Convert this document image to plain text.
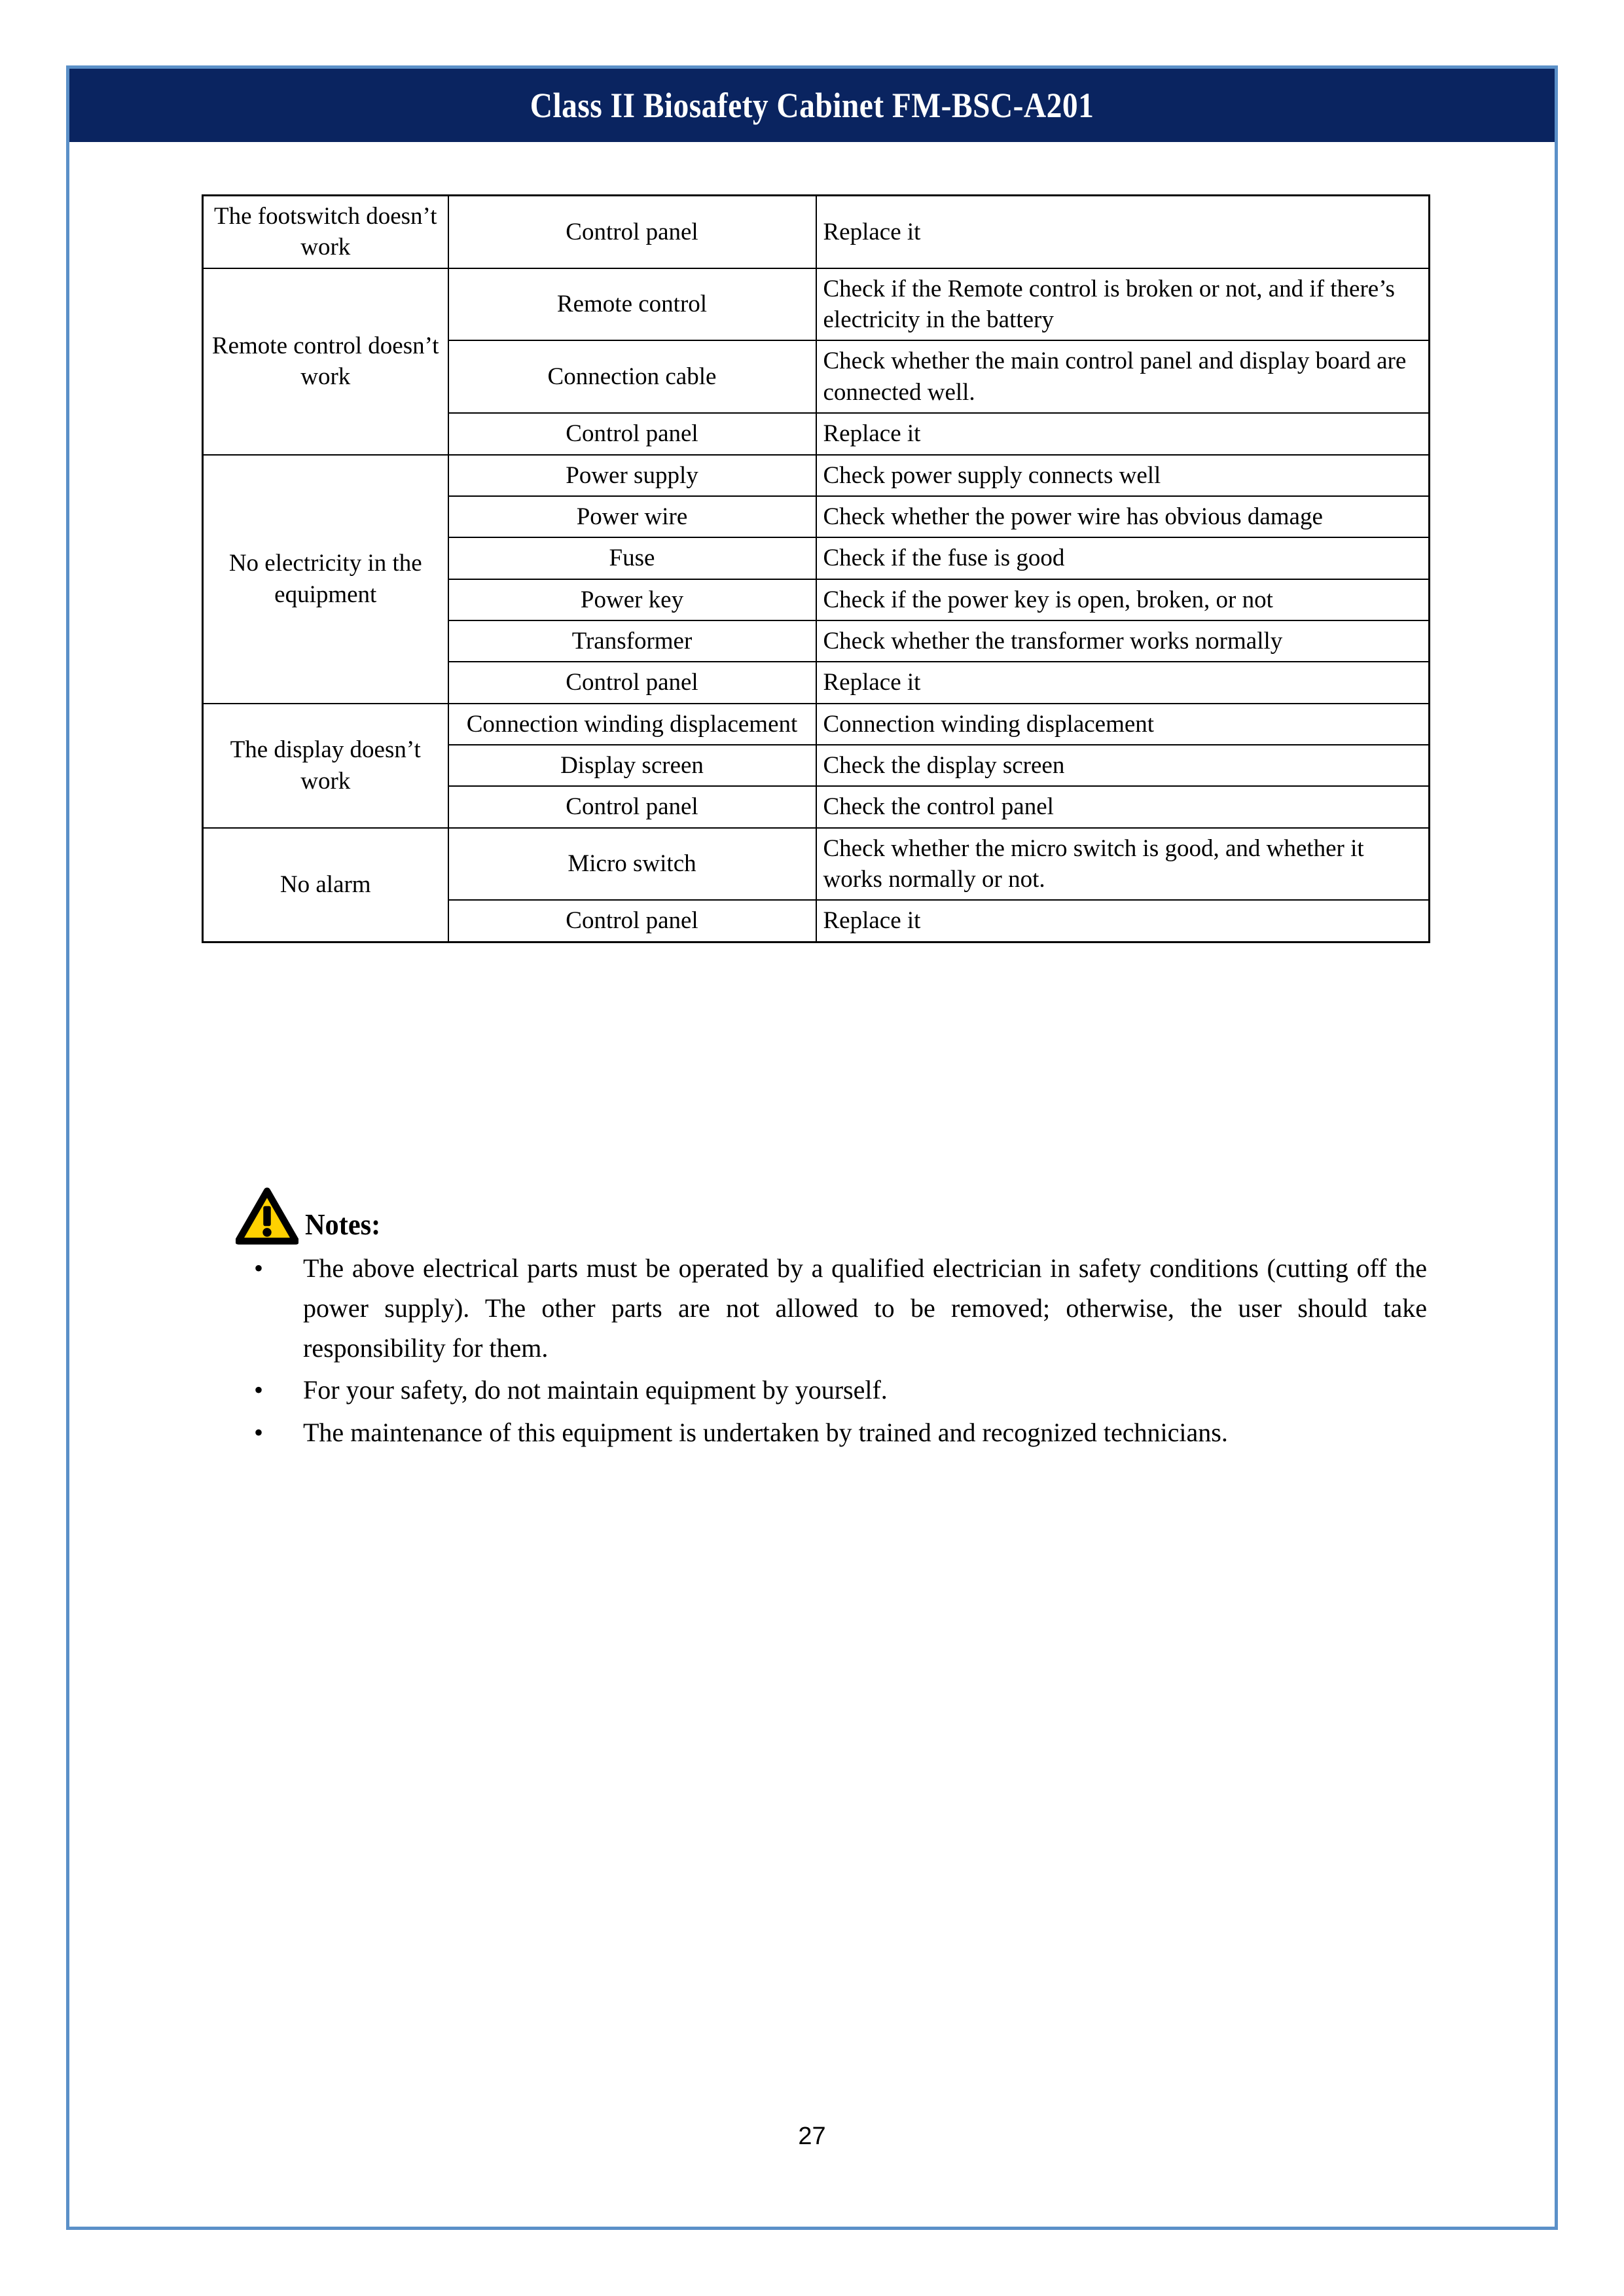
Class II Biosafety Cabinet FM-BSC-A201
The footswitch doesn’t work	Control panel	Replace it
Remote control doesn’t work	Remote control	Check if the Remote control is broken or not, and if there’s electricity in the battery
	Connection cable	Check whether the main control panel and display board are connected well.
	Control panel	Replace it
No electricity in the equipment	Power supply	Check power supply connects well
	Power wire	Check whether the power wire has obvious damage
	Fuse	Check if the fuse is good
	Power key	Check if the power key is open, broken, or not
	Transformer	Check whether the transformer works normally
	Control panel	Replace it
The display doesn’t work	Connection winding displacement	Connection winding displacement
	Display screen	Check the display screen
	Control panel	Check the control panel
No alarm	Micro switch	Check whether the micro switch is good, and whether it works normally or not.
	Control panel	Replace it
Notes:
• The above electrical parts must be operated by a qualified electrician in safety conditions (cutting off the power supply). The other parts are not allowed to be removed; otherwise, the user should take responsibility for them.
• For your safety, do not maintain equipment by yourself.
• The maintenance of this equipment is undertaken by trained and recognized technicians.
27
